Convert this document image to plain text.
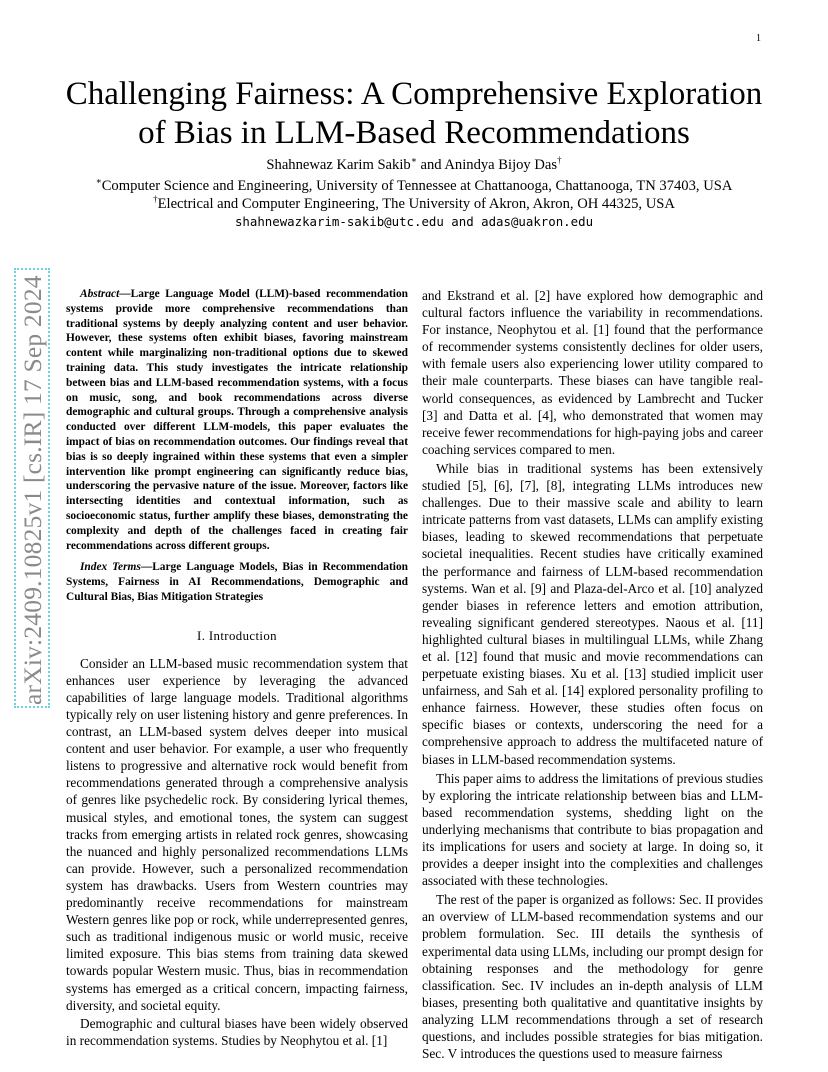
1
arXiv:2409.10825v1 [cs.IR] 17 Sep 2024
Challenging Fairness: A Comprehensive Exploration
of Bias in LLM-Based Recommendations
Shahnewaz Karim Sakib∗ and Anindya Bijoy Das†
∗Computer Science and Engineering, University of Tennessee at Chattanooga, Chattanooga, TN 37403, USA
†Electrical and Computer Engineering, The University of Akron, Akron, OH 44325, USA
shahnewazkarim-sakib@utc.edu and adas@uakron.edu

Abstract—Large Language Model (LLM)-based recommendation systems provide more comprehensive recommendations than traditional systems by deeply analyzing content and user behavior. However, these systems often exhibit biases, favoring mainstream content while marginalizing non-traditional options due to skewed training data. This study investigates the intricate relationship between bias and LLM-based recommendation systems, with a focus on music, song, and book recommendations across diverse demographic and cultural groups. Through a comprehensive analysis conducted over different LLM-models, this paper evaluates the impact of bias on recommendation outcomes. Our findings reveal that bias is so deeply ingrained within these systems that even a simpler intervention like prompt engineering can significantly reduce bias, underscoring the pervasive nature of the issue. Moreover, factors like intersecting identities and contextual information, such as socioeconomic status, further amplify these biases, demonstrating the complexity and depth of the challenges faced in creating fair recommendations across different groups.

Index Terms—Large Language Models, Bias in Recommendation Systems, Fairness in AI Recommendations, Demographic and Cultural Bias, Bias Mitigation Strategies

I. Introduction

Consider an LLM-based music recommendation system that enhances user experience by leveraging the advanced capabilities of large language models. Traditional algorithms typically rely on user listening history and genre preferences. In contrast, an LLM-based system delves deeper into musical content and user behavior. For example, a user who frequently listens to progressive and alternative rock would benefit from recommendations generated through a comprehensive analysis of genres like psychedelic rock. By considering lyrical themes, musical styles, and emotional tones, the system can suggest tracks from emerging artists in related rock genres, showcasing the nuanced and highly personalized recommendations LLMs can provide. However, such a personalized recommendation system has drawbacks. Users from Western countries may predominantly receive recommendations for mainstream Western genres like pop or rock, while underrepresented genres, such as traditional indigenous music or world music, receive limited exposure. This bias stems from training data skewed towards popular Western music. Thus, bias in recommendation systems has emerged as a critical concern, impacting fairness, diversity, and societal equity.

Demographic and cultural biases have been widely observed in recommendation systems. Studies by Neophytou et al. [1]

and Ekstrand et al. [2] have explored how demographic and cultural factors influence the variability in recommendations. For instance, Neophytou et al. [1] found that the performance of recommender systems consistently declines for older users, with female users also experiencing lower utility compared to their male counterparts. These biases can have tangible real-world consequences, as evidenced by Lambrecht and Tucker [3] and Datta et al. [4], who demonstrated that women may receive fewer recommendations for high-paying jobs and career coaching services compared to men.

While bias in traditional systems has been extensively studied [5], [6], [7], [8], integrating LLMs introduces new challenges. Due to their massive scale and ability to learn intricate patterns from vast datasets, LLMs can amplify existing biases, leading to skewed recommendations that perpetuate societal inequalities. Recent studies have critically examined the performance and fairness of LLM-based recommendation systems. Wan et al. [9] and Plaza-del-Arco et al. [10] analyzed gender biases in reference letters and emotion attribution, revealing significant gendered stereotypes. Naous et al. [11] highlighted cultural biases in multilingual LLMs, while Zhang et al. [12] found that music and movie recommendations can perpetuate existing biases. Xu et al. [13] studied implicit user unfairness, and Sah et al. [14] explored personality profiling to enhance fairness. However, these studies often focus on specific biases or contexts, underscoring the need for a comprehensive approach to address the multifaceted nature of biases in LLM-based recommendation systems.

This paper aims to address the limitations of previous studies by exploring the intricate relationship between bias and LLM-based recommendation systems, shedding light on the underlying mechanisms that contribute to bias propagation and its implications for users and society at large. In doing so, it provides a deeper insight into the complexities and challenges associated with these technologies.

The rest of the paper is organized as follows: Sec. II provides an overview of LLM-based recommendation systems and our problem formulation. Sec. III details the synthesis of experimental data using LLMs, including our prompt design for obtaining responses and the methodology for genre classification. Sec. IV includes an in-depth analysis of LLM biases, presenting both qualitative and quantitative insights by analyzing LLM recommendations through a set of research questions, and includes possible strategies for bias mitigation. Sec. V introduces the questions used to measure fairness
